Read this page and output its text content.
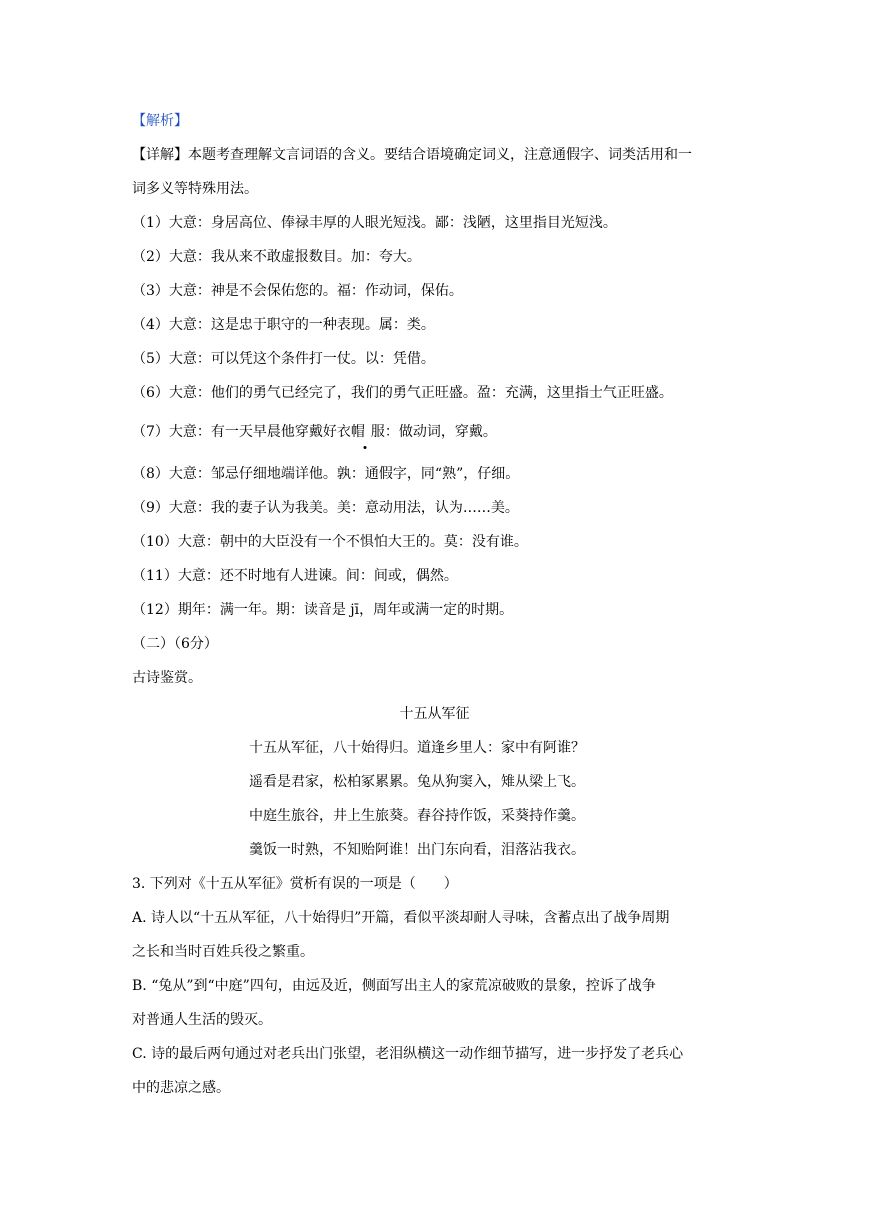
【解析】
【详解】本题考查理解文言词语的含义。要结合语境确定词义，注意通假字、词类活用和一
词多义等特殊用法。
（1）大意：身居高位、俸禄丰厚的人眼光短浅。鄙：浅陋，这里指目光短浅。
（2）大意：我从来不敢虚报数目。加：夸大。
（3）大意：神是不会保佑您的。福：作动词，保佑。
（4）大意：这是忠于职守的一种表现。属：类。
（5）大意：可以凭这个条件打一仗。以：凭借。
（6）大意：他们的勇气已经完了，我们的勇气正旺盛。盈：充满，这里指士气正旺盛。
（7）大意：有一天早晨他穿戴好衣帽 服：做动词，穿戴。
（8）大意：邹忌仔细地端详他。孰：通假字，同“熟”，仔细。
（9）大意：我的妻子认为我美。美：意动用法，认为……美。
（10）大意：朝中的大臣没有一个不惧怕大王的。莫：没有谁。
（11）大意：还不时地有人进谏。间：间或，偶然。
（12）期年：满一年。期：读音是 jī，周年或满一定的时期。
（二）（6分）
古诗鉴赏。
十五从军征
十五从军征，八十始得归。道逢乡里人：家中有阿谁？
遥看是君家，松柏冢累累。兔从狗窦入，雉从梁上飞。
中庭生旅谷，井上生旅葵。舂谷持作饭，采葵持作羹。
羹饭一时熟，不知贻阿谁！出门东向看，泪落沾我衣。
3. 下列对《十五从军征》赏析有误的一项是（　　）
A. 诗人以“十五从军征，八十始得归”开篇，看似平淡却耐人寻味，含蓄点出了战争周期
之长和当时百姓兵役之繁重。
B. “兔从”到“中庭”四句，由远及近，侧面写出主人的家荒凉破败的景象，控诉了战争
对普通人生活的毁灭。
C. 诗的最后两句通过对老兵出门张望，老泪纵横这一动作细节描写，进一步抒发了老兵心
中的悲凉之感。
